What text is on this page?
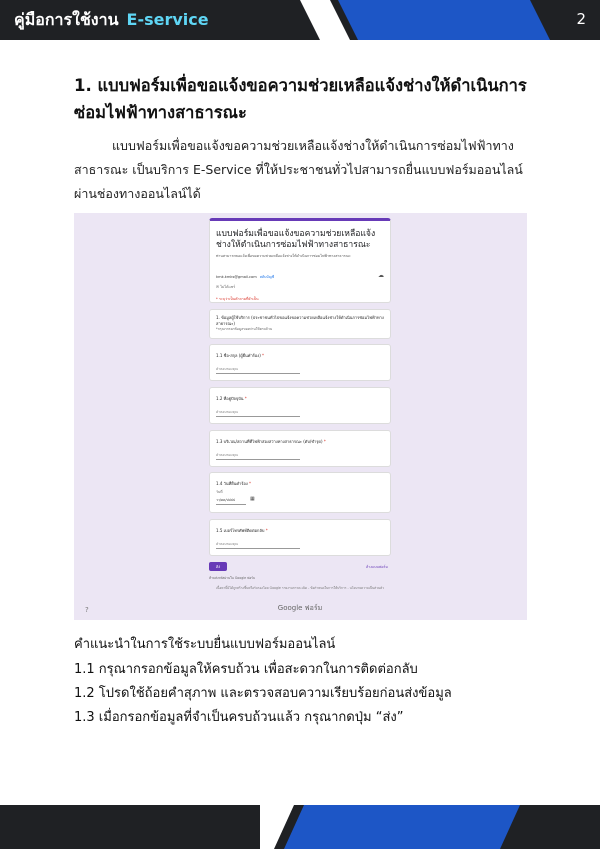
คู่มือการใช้งาน E-service	2
1. แบบฟอร์มเพื่อขอแจ้งขอความช่วยเหลือแจ้งช่างให้ดำเนินการซ่อมไฟฟ้าทางสาธารณะ

แบบฟอร์มเพื่อขอแจ้งขอความช่วยเหลือแจ้งช่างให้ดำเนินการซ่อมไฟฟ้าทางสาธารณะ เป็นบริการ E-Service ที่ให้ประชาชนทั่วไปสามารถยื่นแบบฟอร์มออนไลน์ผ่านช่องทางออนไลน์ได้

แบบฟอร์มเพื่อขอแจ้งขอความช่วยเหลือแจ้งช่างให้ดำเนินการซ่อมไฟฟ้าทางสาธารณะ
ท่านสามารถขอแจ้งเพื่อขอความช่วยเหลือแจ้งช่างให้ดำเนินการซ่อมไฟฟ้าทางสาธารณะ
kmk.kmks@gmail.com สลับบัญชี	☁
✉ ไม่ได้แชร์
* ระบุว่าเป็นคำถามที่จำเป็น
1. ข้อมูลผู้ใช้บริการ (ประชาชนทั่วไปขอแจ้งขอความช่วยเหลือแจ้งช่างให้ดำเนินการซ่อมไฟฟ้าทางสาธารณะ)
*กรุณากรอกข้อมูลของท่านให้ครบถ้วน
1.1 ชื่อ-สกุล (ผู้ยื่นคำร้อง) *
คำตอบของคุณ
1.2 ที่อยู่ปัจจุบัน *
คำตอบของคุณ
1.3 บริเวณ/สถานที่ที่ไฟฟ้าส่องสว่างทางสาธารณะ (ดับ/ชำรุด) *
คำตอบของคุณ
1.4 วันที่ยื่นคำร้อง *
วันที่
วว/ดด/ปปปป	▦
1.5 เบอร์โทรศัพท์ติดต่อกลับ *
คำตอบของคุณ
ส่ง	ล้างแบบฟอร์ม
ห้ามส่งรหัสผ่านใน Google ฟอร์ม
เนื้อหานี้มิได้ถูกสร้างขึ้นหรือรับรองโดย Google รายงานการละเมิด - ข้อกำหนดในการให้บริการ - นโยบายความเป็นส่วนตัว
Google ฟอร์ม
?
คำแนะนำในการใช้ระบบยื่นแบบฟอร์มออนไลน์
1.1 กรุณากรอกข้อมูลให้ครบถ้วน เพื่อสะดวกในการติดต่อกลับ
1.2 โปรดใช้ถ้อยคำสุภาพ และตรวจสอบความเรียบร้อยก่อนส่งข้อมูล
1.3 เมื่อกรอกข้อมูลที่จำเป็นครบถ้วนแล้ว กรุณากดปุ่ม “ส่ง”
